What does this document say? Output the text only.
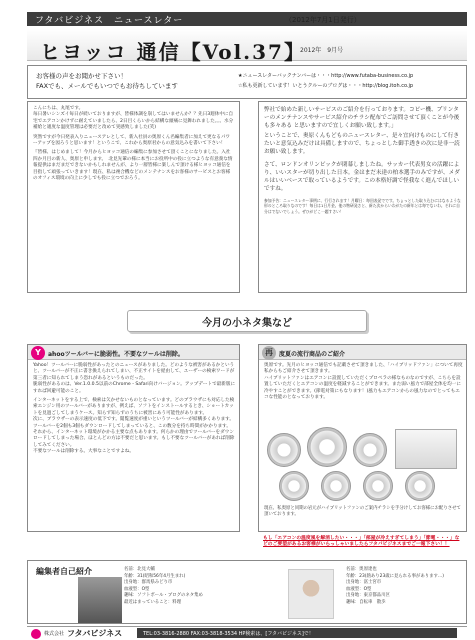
フタバビジネス　ニュースレター	（2012年7月1日発行）
ヒヨッコ 通信【Vol.37】
2012年　9月号
お客様の声をお聞かせ下さい！
FAXでも、メールでもいつでもお待ちしています
★ニュースレターバックナンバーは・・・http://www.futaba-business.co.jp
☆私も更新しています！いとうクルーのブログは・・・http://blog.itoh.co.jp
こんにちは、丸尾です。
毎日暑いシンズイ毎日が続いておりますが、皆様体調を崩してはいませんか？？先日3週休中に自宅でエアコンかけずに耐えていましたら、2日目くらいから結構な頭痛に見舞われました。。。水分補給と適度な温度管理は必要だと改めて実感致しました(笑)
突然ですが今日発表入りニュースアレとして、新入社員の奥原くん名編集者に加えて更なるパワーアップを図ろうと思います！というこで、これから奥原君からの意気込みを書いて下さい！
『皆様、はじめまして！今月からヒヨッコ通信の編集に参加させて頂くことになりました。入社四か月目の新人、奥原と申します。　北見先輩の様に本当にお役所中の役に立つような有意義な情報提供はまだまだできないかもしれませんが、より一層皆様に楽しんで頂ける様ヒヨッコ通信を目指して頑張っていきます！現在、私は複合機などのメンテナンスをお客様のサービスとお客様のオフィス環境の向上に少しでも役に立つでおろう。
弊社で始めた新しいサービスのご紹介を行っております。コピー機、プリンターのメンテナンスやサービス紹介のチラシ配布でご訪問させて頂くことが今後も多々ある と思いますので宜しくお願い致します。」
ということで、奥原くんもどものニュースレター、是々宜向けものにして行きたいと意気込みだけは具備しますので、ちょっとした御手透きの次に是非一読お願い致します。
さて、ロンドンオリンピックが閉幕しましたね。サッカー代表男女の活躍により、いいスターが切り出した日本。金はまだ未達の柏本選手のみですが、メダルはいいベースで取っているようです。この本格好調で怪我なく進んでほしいですね。
参加予告：ニュースレター事例に、行行されます！月曜日：毎回表発でです。ちょっとした取り込むにはなるような形のところ取りなのです！毎日は1日月金。他の物研発さと、新た次からいわがたの新年とは毎でないわ。それに自分はでないでしょう。ぜひがどこ一題すさい！
今月の小ネタ集など
Y	ahooツールバーに脆弱性。不要なツールは削除。
Yahoo！ツールバーに脆弱性があったとのニュースがありました。どのような被害があるかというと、ツールバーが不正に書き換えられてしまい、不正サイトを経由して、ユーザーの検索ワードが第三者に知られてしまう恐れがあるというものだった。
脆弱性があるのは、Ver.1.0.0.5以前のChrome・Safari向けバージョン。アップデートで最新版にすれば回避可能のこと。
インターネットをする上で、検索は欠かせないものとなっています。どのブラウザにも対応した検索エンジン用のツールバーがありますが、例えば、ソフトをインストールするとき、ショートカットを見過ごしてしまうケース。知らず知らずのうちに被害にあう可能性があります。
次に、ブラウザーの表示速度の低下です。閲覧速度が重いというツールバーが結構多くあります。ツールバーを2個も3個もダウンロードしてしまっていると、この数分を持ち時間がかかります。
それから、インターネット環境がかかる主要な点もあります。何らかの理由でツールバーをダウンロードしてしまった場合、ほとんどの方は不要だと思います。もし不要なツールバーがあれば削除してみてください。
不要なツールは削除する。大事なことですよね。
再	度夏の流行商品のご紹介
奥原です。先月のヒヨッコ通信でも記載させて頂きました、「ハイブリッドファン」について再度私からもご紹介させて頂きます。
ハイブリットファンはエアコンに設置していただくプロペラの様なものなのですが、こちらを設置していただくとエアコンの温度を軽減することができます。また弱い風力で部屋全体を均一に冷やすことができます。(節電対策にもなります！)風力もエアコンからの風力なのでとってもエコな性能のとなっております。
現在、私奥原と同期の岩元がハイブリットファンのご案内チラシを手分けしてお客様にお配りさせて頂いております。
もし「エアコンの温度風を解消したい・・・」「部屋が冷えすぎてしまう」「節電・・・」などのご要望があるお客様がいらっしゃいましたらフタバビジネスまでご一報下さい！！
編集者自己紹介	名前：北見大輔
年齢：31(昭和56年4月生まれ)
出身地：群馬県みどり市
血液型：O型
趣味：ソフトボール・ブログのネタ集め
最近はまっていること：料理
名前：奥原達也
年齢：23(熱あり23歳に見られる事があります…)
出身地：富士宮市
血液型：O型
出身地：東京都品川区
趣味：自転車　散歩
株式会社 フタバビジネス	TEL:03-3816-2880 FAX:03-3818-3534 HP検索は、[フタバビジネス]で！
